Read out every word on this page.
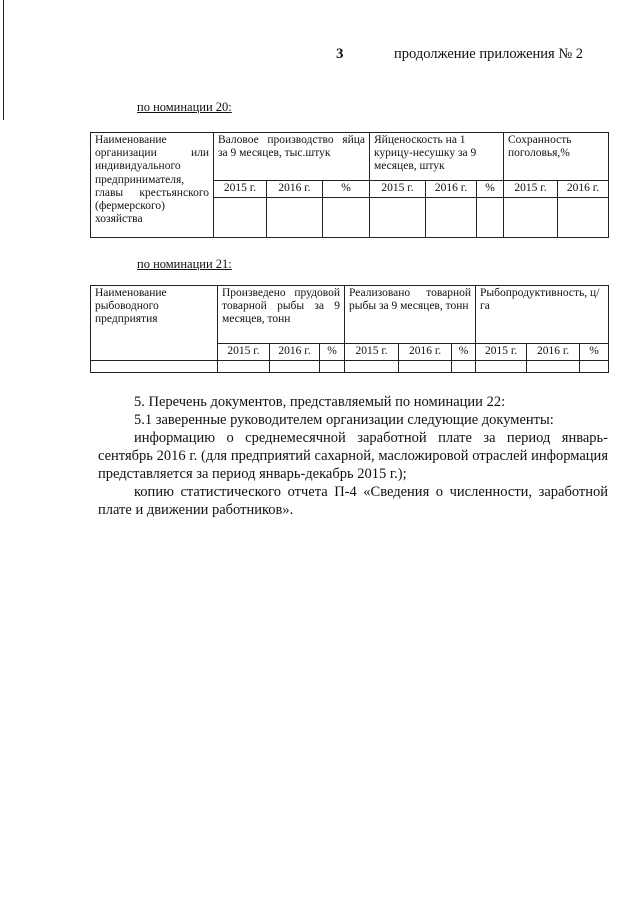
3	продолжение приложения № 2
по номинации 20:
Наименование организации или индивидуального предпринимателя, главы крестьянского (фермерского) хозяйства	Валовое производство яйца за 9 месяцев, тыс.штук			Яйценоскость на 1 курицу-несушку за 9 месяцев, штук			Сохранность поголовья,%	
	2015 г.	2016 г.	%	2015 г.	2016 г.	%	2015 г.	2016 г.

по номинации 21:
Наименование рыбоводного предприятия	Произведено прудовой товарной рыбы за 9 месяцев, тонн			Реализовано товарной рыбы за 9 месяцев, тонн			Рыбопродуктивность, ц/га		
	2015 г.	2016 г.	%	2015 г.	2016 г.	%	2015 г.	2016 г.	%

5. Перечень документов, представляемый по номинации 22:

5.1 заверенные руководителем организации следующие документы:

информацию о среднемесячной заработной плате за период январь-сентябрь 2016 г. (для предприятий сахарной, масложировой отраслей информация представляется за период январь-декабрь 2015 г.);

копию статистического отчета П-4 «Сведения о численности, заработной плате и движении работников».
